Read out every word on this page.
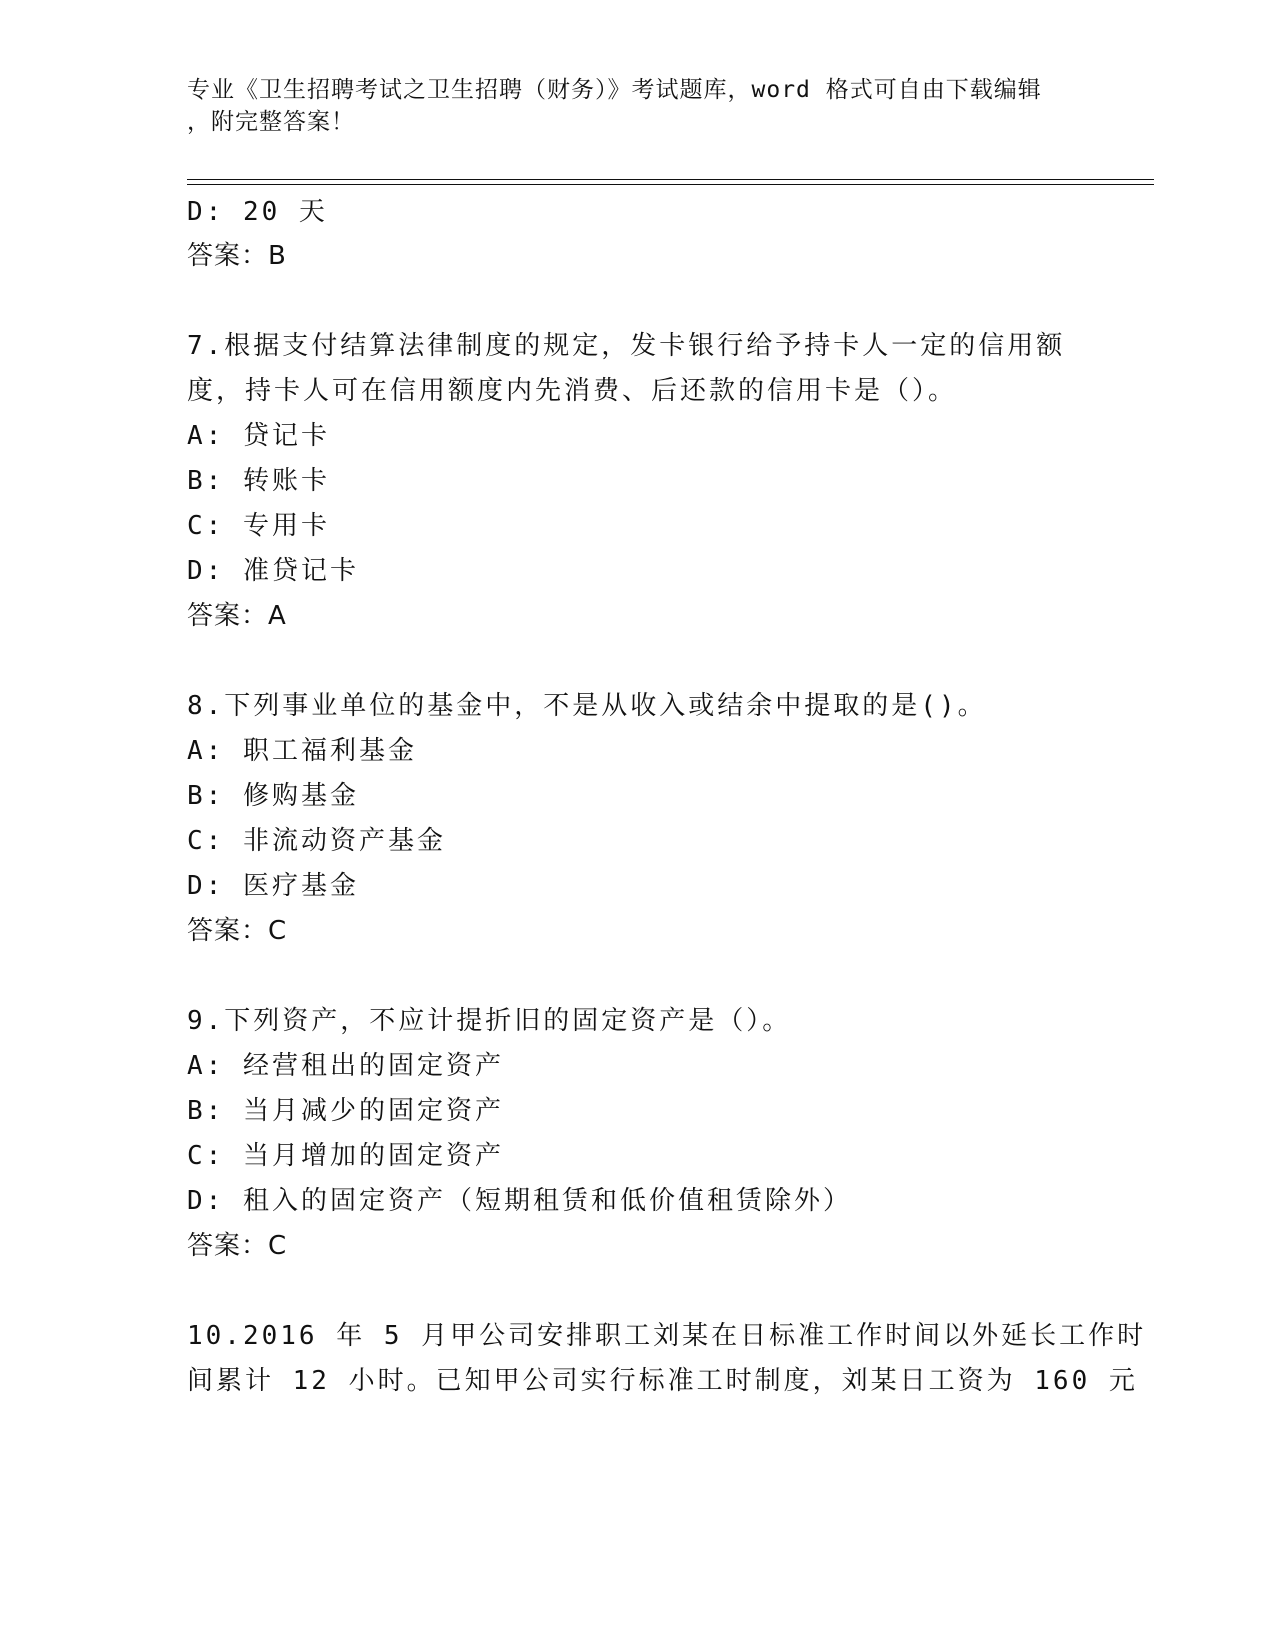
专业《卫生招聘考试之卫生招聘（财务）》考试题库，word 格式可自由下载编辑
，附完整答案！
D: 20 天
答案：B
7.根据支付结算法律制度的规定，发卡银行给予持卡人一定的信用额
度，持卡人可在信用额度内先消费、后还款的信用卡是（）。
A: 贷记卡
B: 转账卡
C: 专用卡
D: 准贷记卡
答案：A
8.下列事业单位的基金中，不是从收入或结余中提取的是()。
A: 职工福利基金
B: 修购基金
C: 非流动资产基金
D: 医疗基金
答案：C
9.下列资产，不应计提折旧的固定资产是（）。
A: 经营租出的固定资产
B: 当月减少的固定资产
C: 当月增加的固定资产
D: 租入的固定资产（短期租赁和低价值租赁除外）
答案：C
10.2016 年 5 月甲公司安排职工刘某在日标准工作时间以外延长工作时
间累计 12 小时。已知甲公司实行标准工时制度，刘某日工资为 160 元
